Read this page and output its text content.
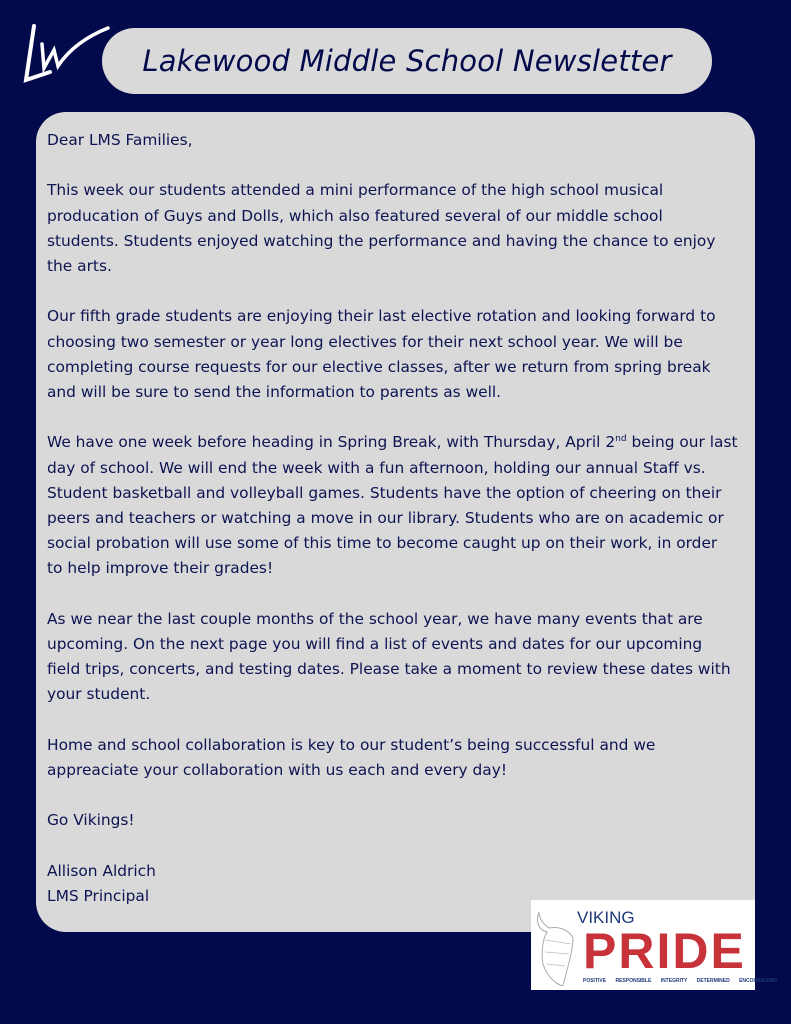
Lakewood Middle School Newsletter
Dear LMS Families,
This week our students attended a mini performance of the high school musical
producation of Guys and Dolls, which also featured several of our middle school
students. Students enjoyed watching the performance and having the chance to enjoy
the arts.
Our fifth grade students are enjoying their last elective rotation and looking forward to
choosing two semester or year long electives for their next school year. We will be
completing course requests for our elective classes, after we return from spring break
and will be sure to send the information to parents as well.
We have one week before heading in Spring Break, with Thursday, April 2nd being our last
day of school. We will end the week with a fun afternoon, holding our annual Staff vs.
Student basketball and volleyball games. Students have the option of cheering on their
peers and teachers or watching a move in our library. Students who are on academic or
social probation will use some of this time to become caught up on their work, in order
to help improve their grades!
As we near the last couple months of the school year, we have many events that are
upcoming. On the next page you will find a list of events and dates for our upcoming
field trips, concerts, and testing dates. Please take a moment to review these dates with
your student.
Home and school collaboration is key to our student’s being successful and we
appreaciate your collaboration with us each and every day!
Go Vikings!
Allison Aldrich
LMS Principal
VIKING
PRIDE
POSITIVE RESPONSIBLE INTEGRITY DETERMINED ENCOURAGING
